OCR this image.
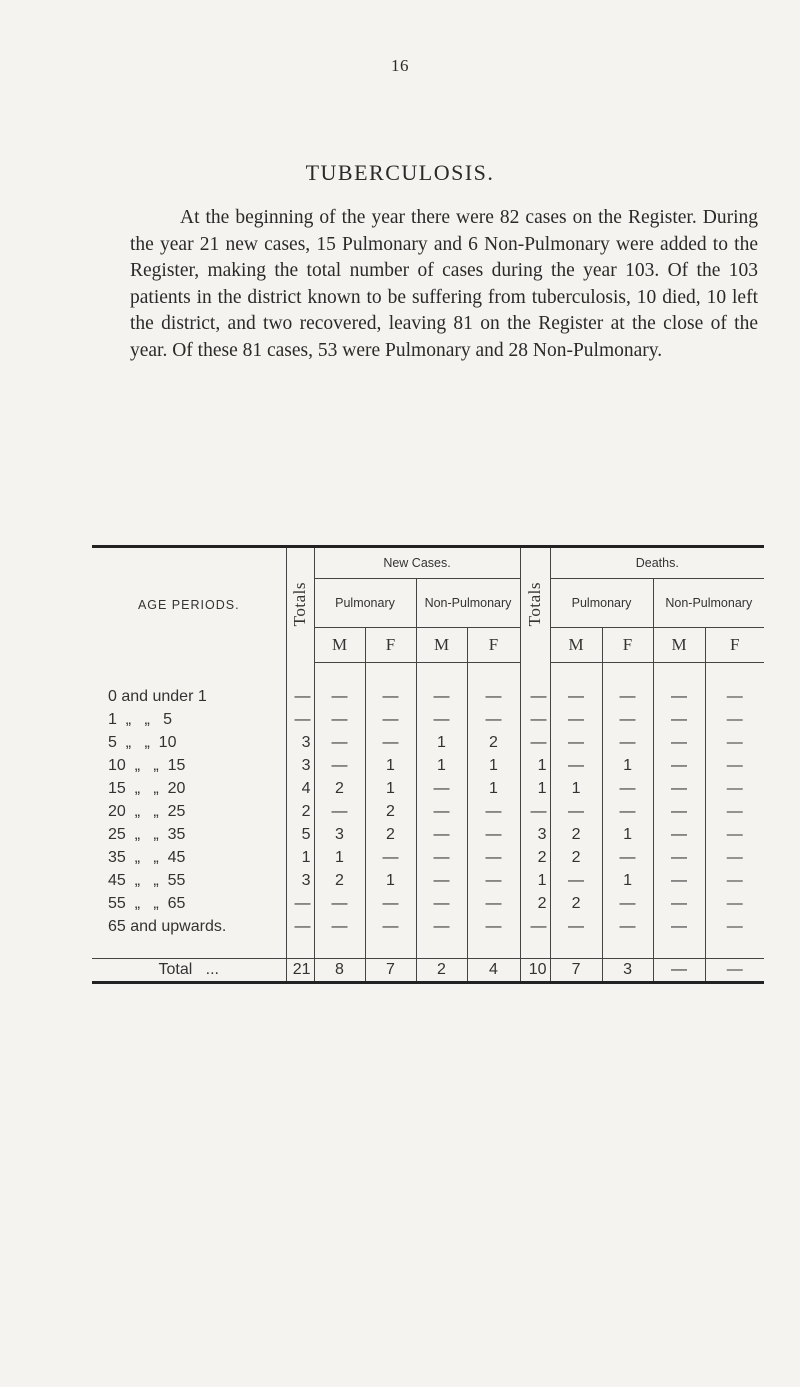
16
TUBERCULOSIS.

At the beginning of the year there were 82 cases on the Register. During the year 21 new cases, 15 Pulmonary and 6 Non-Pulmonary were added to the Register, making the total number of cases during the year 103. Of the 103 patients in the district known to be suffering from tuberculosis, 10 died, 10 left the district, and two recovered, leaving 81 on the Register at the close of the year. Of these 81 cases, 53 were Pulmonary and 28 Non-Pulmonary.

AGE PERIODS.	Totals	New Cases.				Totals	Deaths.			
		Pulmonary		Non-Pulmonary			Pulmonary		Non-Pulmonary	
		M	F	M	F		M	F	M	F

0 and under 1	—	—	—	—	—	—	—	—	—	—
1  „   „   5	—	—	—	—	—	—	—	—	—	—
5  „   „  10	3	—	—	1	2	—	—	—	—	—
10  „   „  15	3	—	1	1	1	1	—	1	—	—
15  „   „  20	4	2	1	—	1	1	1	—	—	—
20  „   „  25	2	—	2	—	—	—	—	—	—	—
25  „   „  35	5	3	2	—	—	3	2	1	—	—
35  „   „  45	1	1	—	—	—	2	2	—	—	—
45  „   „  55	3	2	1	—	—	1	—	1	—	—
55  „   „  65	—	—	—	—	—	2	2	—	—	—
65 and upwards.	—	—	—	—	—	—	—	—	—	—

Total   ...	21	8	7	2	4	10	7	3	—	—
